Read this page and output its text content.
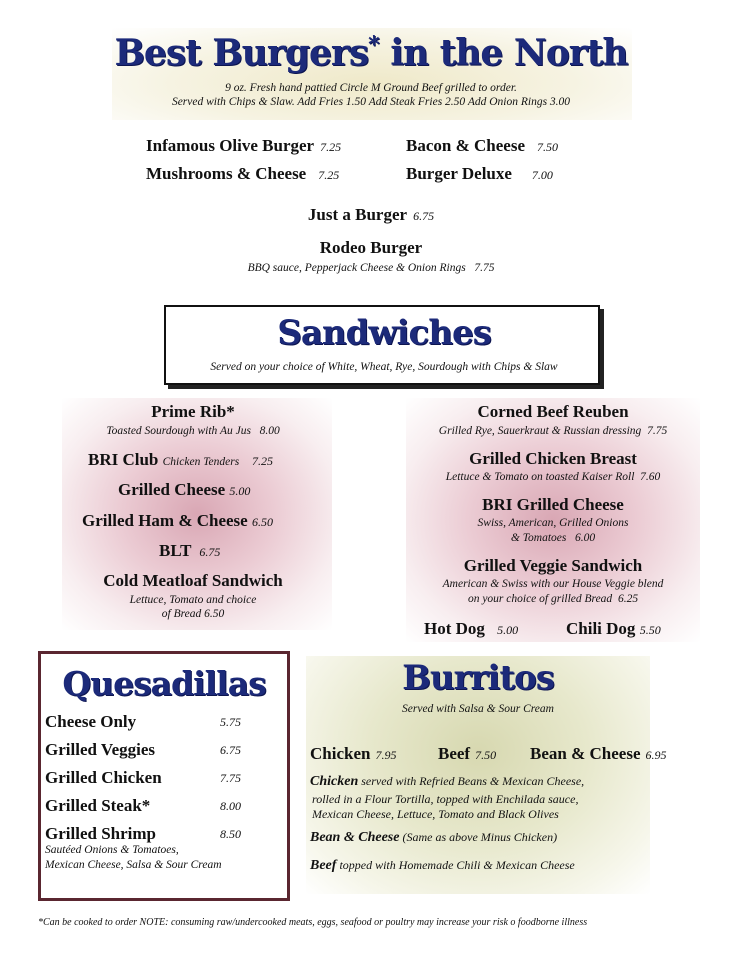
Best Burgers* in the North
9 oz. Fresh hand pattied Circle M Ground Beef grilled to order.
Served with Chips & Slaw. Add Fries 1.50 Add Steak Fries 2.50 Add Onion Rings 3.00
Infamous Olive Burger 7.25	Bacon & Cheese 7.50
Mushrooms & Cheese 7.25	Burger Deluxe 7.00
Just a Burger 6.75
Rodeo Burger
BBQ sauce, Pepperjack Cheese & Onion Rings 7.75
Sandwiches
Served on your choice of White, Wheat, Rye, Sourdough with Chips & Slaw
Prime Rib*
Toasted Sourdough with Au Jus 8.00
BRI Club Chicken Tenders 7.25
Grilled Cheese 5.00
Grilled Ham & Cheese 6.50
BLT 6.75
Cold Meatloaf Sandwich
Lettuce, Tomato and choice
of Bread 6.50
Corned Beef Reuben
Grilled Rye, Sauerkraut & Russian dressing 7.75
Grilled Chicken Breast
Lettuce & Tomato on toasted Kaiser Roll 7.60
BRI Grilled Cheese
Swiss, American, Grilled Onions
& Tomatoes 6.00
Grilled Veggie Sandwich
American & Swiss with our House Veggie blend
on your choice of grilled Bread 6.25
Hot Dog 5.00	Chili Dog 5.50
Quesadillas
Cheese Only	5.75
Grilled Veggies	6.75
Grilled Chicken	7.75
Grilled Steak*	8.00
Grilled Shrimp	8.50
Sautéed Onions & Tomatoes,
Mexican Cheese, Salsa & Sour Cream
Burritos
Served with Salsa & Sour Cream
Chicken 7.95 Beef 7.50 Bean & Cheese 6.95
Chicken served with Refried Beans & Mexican Cheese,
rolled in a Flour Tortilla, topped with Enchilada sauce,
Mexican Cheese, Lettuce, Tomato and Black Olives
Bean & Cheese (Same as above Minus Chicken)
Beef topped with Homemade Chili & Mexican Cheese
*Can be cooked to order NOTE: consuming raw/undercooked meats, eggs, seafood or poultry may increase your risk o foodborne illness
